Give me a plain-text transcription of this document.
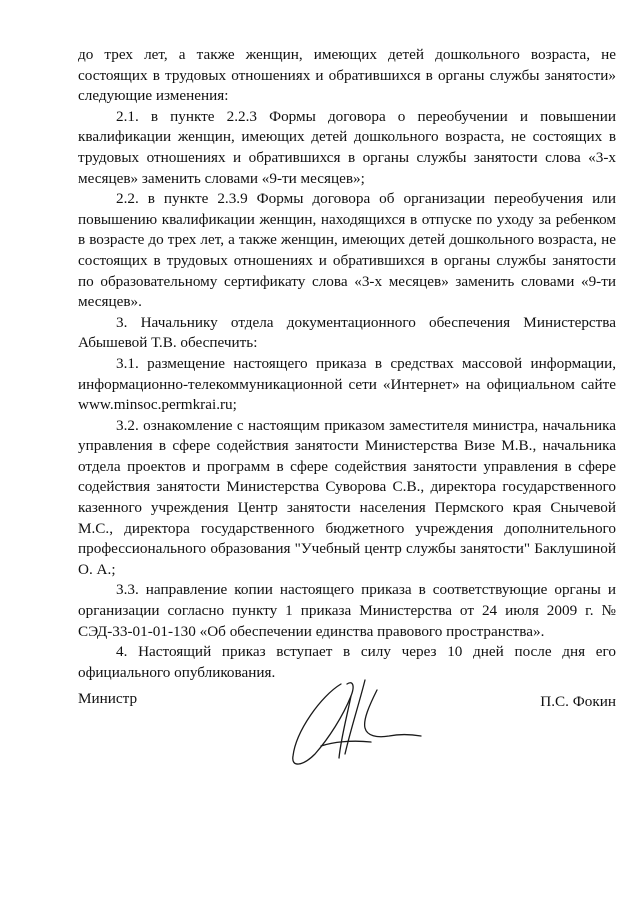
до трех лет, а также женщин, имеющих детей дошкольного возраста, не состоящих в трудовых отношениях и обратившихся в органы службы занятости» следующие изменения:

2.1. в пункте 2.2.3 Формы договора о переобучении и повышении квалификации женщин, имеющих детей дошкольного возраста, не состоящих в трудовых отношениях и обратившихся в органы службы занятости слова «3-х месяцев» заменить словами «9-ти месяцев»;

2.2. в пункте 2.3.9 Формы договора об организации переобучения или повышению квалификации женщин, находящихся в отпуске по уходу за ребенком в возрасте до трех лет, а также женщин, имеющих детей дошкольного возраста, не состоящих в трудовых отношениях и обратившихся в органы службы занятости по образовательному сертификату слова «3-х месяцев» заменить словами «9-ти месяцев».

3. Начальнику отдела документационного обеспечения Министерства Абышевой Т.В. обеспечить:

3.1. размещение настоящего приказа в средствах массовой информации, информационно-телекоммуникационной сети «Интернет» на официальном сайте www.minsoc.permkrai.ru;

3.2. ознакомление с настоящим приказом заместителя министра, начальника управления в сфере содействия занятости Министерства Визе М.В., начальника отдела проектов и программ в сфере содействия занятости управления в сфере содействия занятости Министерства Суворова С.В., директора государственного казенного учреждения Центр занятости населения Пермского края Снычевой М.С., директора государственного бюджетного учреждения дополнительного профессионального образования "Учебный центр службы занятости" Баклушиной О. А.;

3.3. направление копии настоящего приказа в соответствующие органы и организации согласно пункту 1 приказа Министерства от 24 июля 2009 г. № СЭД-33-01-01-130 «Об обеспечении единства правового пространства».

4. Настоящий приказ вступает в силу через 10 дней после дня его официального опубликования.

Министр	П.С. Фокин
